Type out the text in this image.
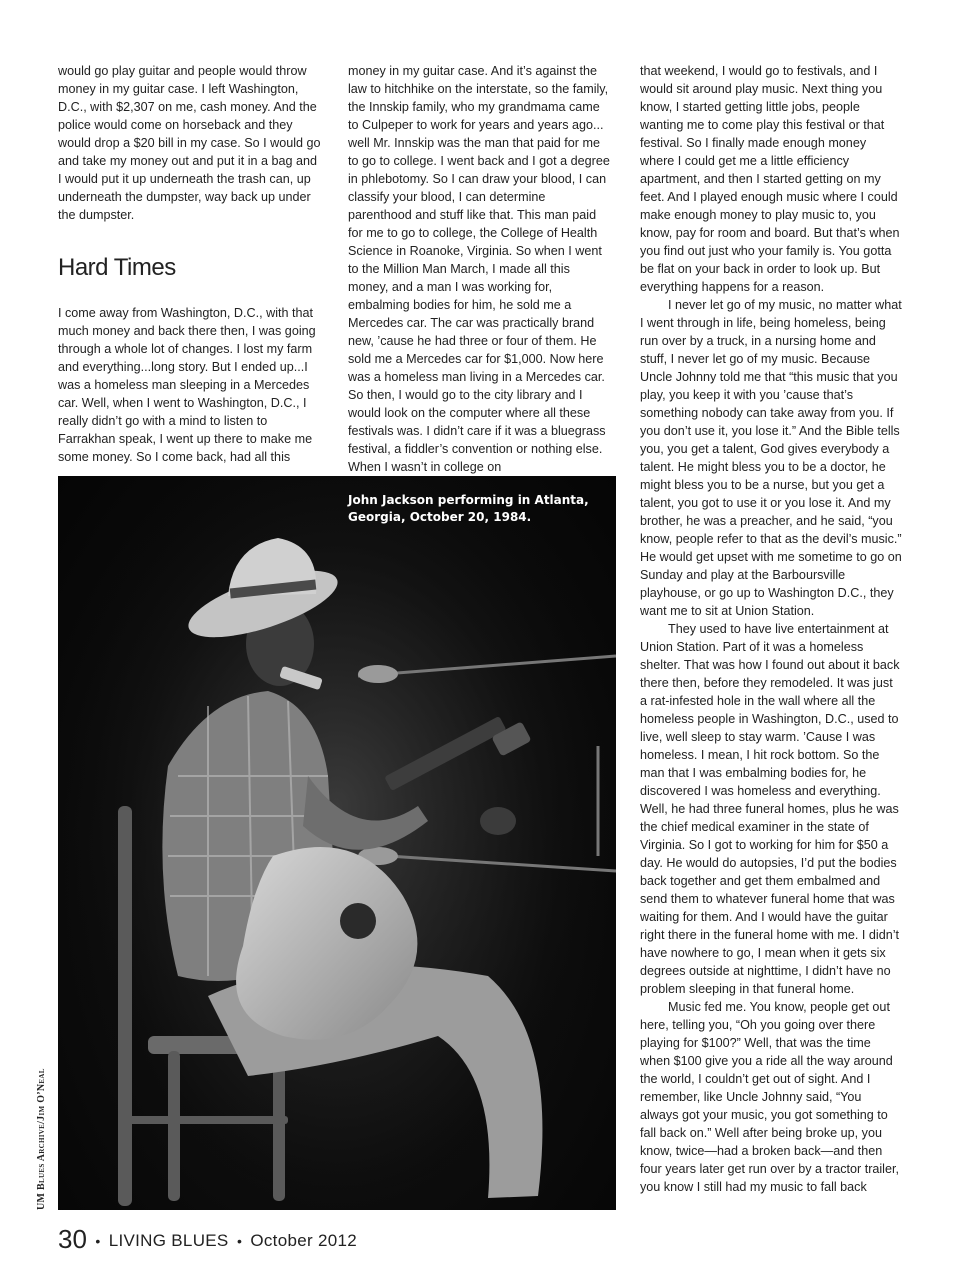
would go play guitar and people would throw money in my guitar case. I left Washington, D.C., with $2,307 on me, cash money. And the police would come on horseback and they would drop a $20 bill in my case. So I would go and take my money out and put it in a bag and I would put it up underneath the trash can, up underneath the dumpster, way back up under the dumpster.

Hard Times

I come away from Washington, D.C., with that much money and back there then, I was going through a whole lot of changes. I lost my farm and everything...long story. But I ended up...I was a homeless man sleeping in a Mercedes car. Well, when I went to Washington, D.C., I really didn’t go with a mind to listen to Farrakhan speak, I went up there to make me some money. So I come back, had all this

money in my guitar case. And it’s against the law to hitchhike on the interstate, so the family, the Innskip family, who my grandmama came to Culpeper to work for years and years ago... well Mr. Innskip was the man that paid for me to go to college. I went back and I got a degree in phlebotomy. So I can draw your blood, I can classify your blood, I can determine parenthood and stuff like that. This man paid for me to go to college, the College of Health Science in Roanoke, Virginia. So when I went to the Million Man March, I made all this money, and a man I was working for, embalming bodies for him, he sold me a Mercedes car. The car was practically brand new, ’cause he had three or four of them. He sold me a Mercedes car for $1,000. Now here was a homeless man living in a Mercedes car. So then, I would go to the city library and I would look on the computer where all these festivals was. I didn’t care if it was a bluegrass festival, a fiddler’s convention or nothing else. When I wasn’t in college on

that weekend, I would go to festivals, and I would sit around play music. Next thing you know, I started getting little jobs, people wanting me to come play this festival or that festival. So I finally made enough money where I could get me a little efficiency apartment, and then I started getting on my feet. And I played enough music where I could make enough money to play music to, you know, pay for room and board. But that’s when you find out just who your family is. You gotta be flat on your back in order to look up. But everything happens for a reason.

I never let go of my music, no matter what I went through in life, being homeless, being run over by a truck, in a nursing home and stuff, I never let go of my music. Because Uncle Johnny told me that “this music that you play, you keep it with you ’cause that’s something nobody can take away from you. If you don’t use it, you lose it.” And the Bible tells you, you get a talent, God gives everybody a talent. He might bless you to be a doctor, he might bless you to be a nurse, but you get a talent, you got to use it or you lose it. And my brother, he was a preacher, and he said, “you know, people refer to that as the devil’s music.” He would get upset with me sometime to go on Sunday and play at the Barboursville playhouse, or go up to Washington D.C., they want me to sit at Union Station.

They used to have live entertainment at Union Station. Part of it was a homeless shelter. That was how I found out about it back there then, before they remodeled. It was just a rat-infested hole in the wall where all the homeless people in Washington, D.C., used to live, well sleep to stay warm. ’Cause I was homeless. I mean, I hit rock bottom. So the man that I was embalming bodies for, he discovered I was homeless and everything. Well, he had three funeral homes, plus he was the chief medical examiner in the state of Virginia. So I got to working for him for $50 a day. He would do autopsies, I’d put the bodies back together and get them embalmed and send them to whatever funeral home that was waiting for them. And I would have the guitar right there in the funeral home with me. I didn’t have nowhere to go, I mean when it gets six degrees outside at nighttime, I didn’t have no problem sleeping in that funeral home.

Music fed me. You know, people get out here, telling you, “Oh you going over there playing for $100?” Well, that was the time when $100 give you a ride all the way around the world, I couldn’t get out of sight. And I remember, like Uncle Johnny said, “You always got your music, you got something to fall back on.” Well after being broke up, you know, twice—had a broken back—and then four years later get run over by a tractor trailer, you know I still had my music to fall back

John Jackson performing in Atlanta, Georgia, October 20, 1984.
UM Blues Archive/Jim O’Neal
30 • LIVING BLUES • October 2012
